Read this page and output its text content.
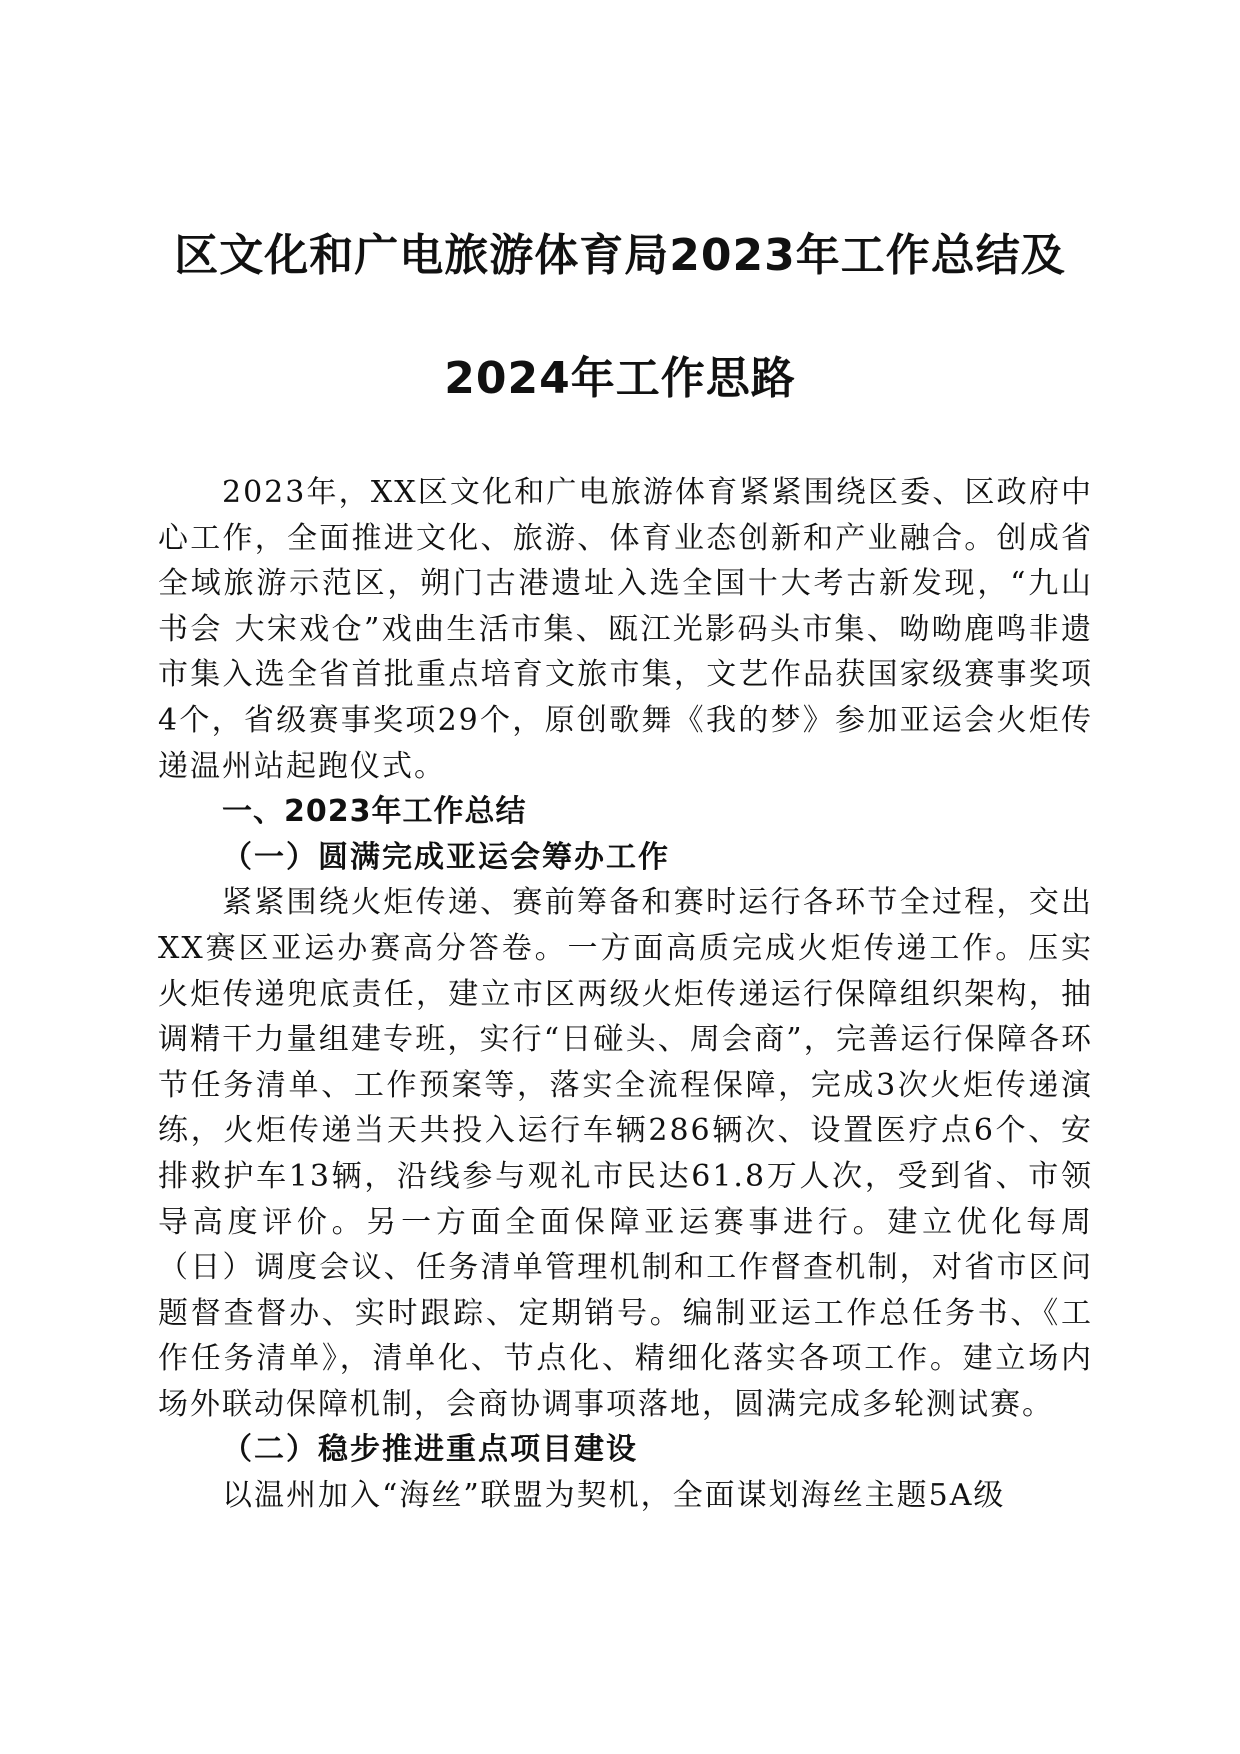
区文化和广电旅游体育局2023年工作总结及
2024年工作思路

2023年，XX区文化和广电旅游体育紧紧围绕区委、区政府中心工作，全面推进文化、旅游、体育业态创新和产业融合。创成省全域旅游示范区，朔门古港遗址入选全国十大考古新发现，“九山书会 大宋戏仓”戏曲生活市集、瓯江光影码头市集、呦呦鹿鸣非遗市集入选全省首批重点培育文旅市集，文艺作品获国家级赛事奖项4个，省级赛事奖项29个，原创歌舞《我的梦》参加亚运会火炬传递温州站起跑仪式。

一、2023年工作总结

（一）圆满完成亚运会筹办工作

紧紧围绕火炬传递、赛前筹备和赛时运行各环节全过程，交出XX赛区亚运办赛高分答卷。一方面高质完成火炬传递工作。压实火炬传递兜底责任，建立市区两级火炬传递运行保障组织架构，抽调精干力量组建专班，实行“日碰头、周会商”，完善运行保障各环节任务清单、工作预案等，落实全流程保障，完成3次火炬传递演练，火炬传递当天共投入运行车辆286辆次、设置医疗点6个、安排救护车13辆，沿线参与观礼市民达61.8万人次，受到省、市领导高度评价。另一方面全面保障亚运赛事进行。建立优化每周（日）调度会议、任务清单管理机制和工作督查机制，对省市区问题督查督办、实时跟踪、定期销号。编制亚运工作总任务书、《工作任务清单》，清单化、节点化、精细化落实各项工作。建立场内场外联动保障机制，会商协调事项落地，圆满完成多轮测试赛。

（二）稳步推进重点项目建设

以温州加入“海丝”联盟为契机，全面谋划海丝主题5A级
